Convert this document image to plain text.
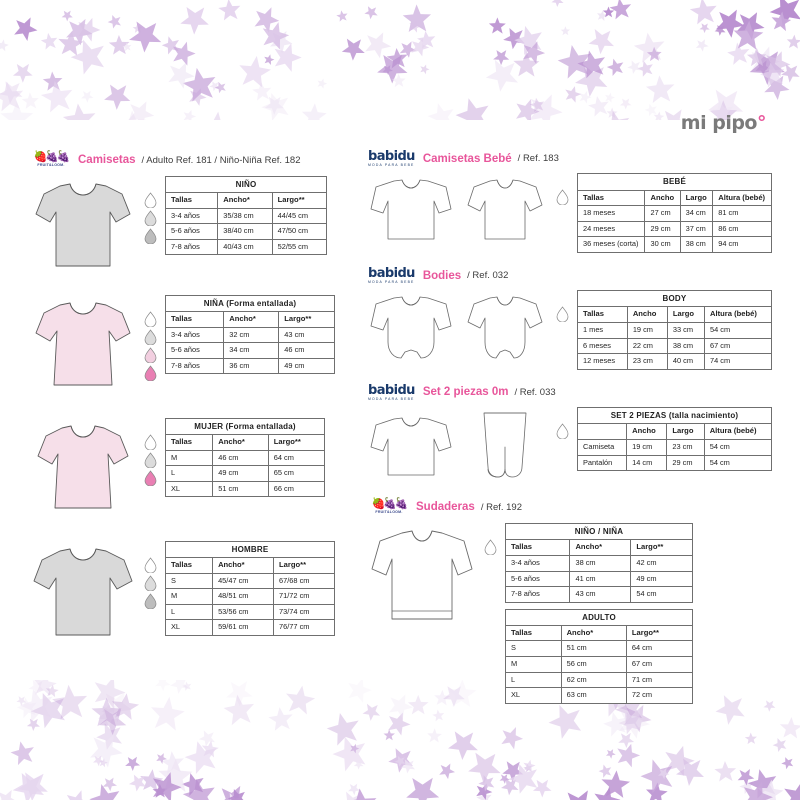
mi pipo°
🍓🍇🍇
FRUIT&LOOM. Camisetas / Adulto Ref. 181 / Niño-Niña Ref. 182
NIÑO		
Tallas	Ancho*	Largo**
3-4 años	35/38 cm	44/45 cm
5-6 años	38/40 cm	47/50 cm
7-8 años	40/43 cm	52/55 cm
NIÑA (Forma entallada)		
Tallas	Ancho*	Largo**
3-4 años	32 cm	43 cm
5-6 años	34 cm	46 cm
7-8 años	36 cm	49 cm
MUJER (Forma entallada)		
Tallas	Ancho*	Largo**
M	46 cm	64 cm
L	49 cm	65 cm
XL	51 cm	66 cm
HOMBRE		
Tallas	Ancho*	Largo**
S	45/47 cm	67/68 cm
M	48/51 cm	71/72 cm
L	53/56 cm	73/74 cm
XL	59/61 cm	76/77 cm
babidu
MODA PARA BEBE
Camisetas Bebé / Ref. 183
BEBÉ			
Tallas	Ancho	Largo	Altura (bebé)
18 meses	27 cm	34 cm	81 cm
24 meses	29 cm	37 cm	86 cm
36 meses (corta)	30 cm	38 cm	94 cm
babidu
MODA PARA BEBE
Bodies / Ref. 032
BODY			
Tallas	Ancho	Largo	Altura (bebé)
1 mes	19 cm	33 cm	54 cm
6 meses	22 cm	38 cm	67 cm
12 meses	23 cm	40 cm	74 cm
babidu
MODA PARA BEBE
Set 2 piezas 0m / Ref. 033
SET 2 PIEZAS (talla nacimiento)			
	Ancho	Largo	Altura (bebé)
Camiseta	19 cm	23 cm	54 cm
Pantalón	14 cm	29 cm	54 cm
🍓🍇🍇
FRUIT&LOOM. Sudaderas / Ref. 192
NIÑO / NIÑA		
Tallas	Ancho*	Largo**
3-4 años	38 cm	42 cm
5-6 años	41 cm	49 cm
7-8 años	43 cm	54 cm
ADULTO		
Tallas	Ancho*	Largo**
S	51 cm	64 cm
M	56 cm	67 cm
L	62 cm	71 cm
XL	63 cm	72 cm
